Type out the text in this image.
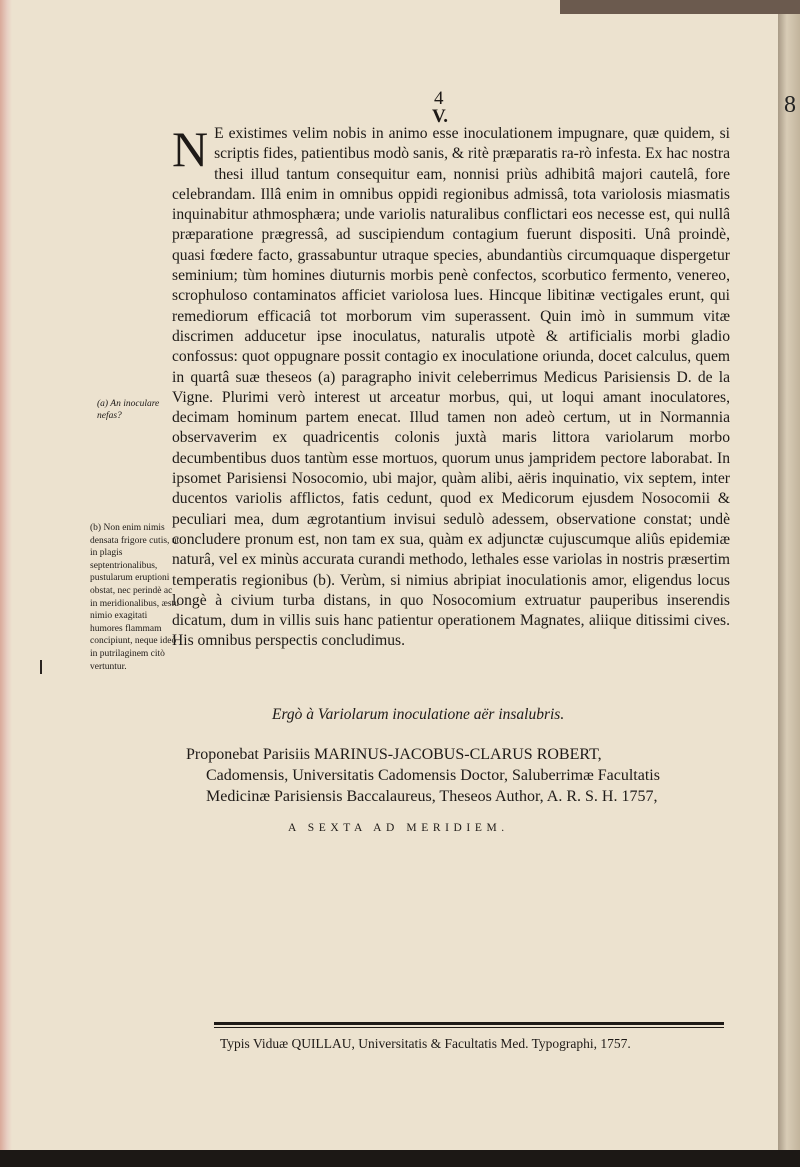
4
V.

N E existimes velim nobis in animo esse inoculationem impugnare, quæ quidem, si scriptis fides, patientibus modò sanis, & ritè præparatis ra-rò infesta. Ex hac nostra thesi illud tantum consequitur eam, nonnisi priùs adhibitâ majori cautelâ, fore celebrandam. Illâ enim in omnibus oppidi regionibus admissâ, tota variolosis miasmatis inquinabitur athmosphæra; unde variolis naturalibus conflictari eos necesse est, qui nullâ præparatione prægressâ, ad suscipiendum contagium fuerunt dispositi. Unâ proindè, quasi fœdere facto, grassabuntur utraque species, abundantiùs circumquaque dispergetur seminium; tùm homines diuturnis morbis penè confectos, scorbutico fermento, venereo, scrophuloso contaminatos afficiet variolosa lues. Hincque libitinæ vectigales erunt, qui remediorum efficaciâ tot morborum vim superassent. Quin imò in summum vitæ discrimen adducetur ipse inoculatus, naturalis utpotè & artificialis morbi gladio confossus: quot oppugnare possit contagio ex inoculatione oriunda, docet calculus, quem in quartâ suæ theseos (a) paragrapho inivit celeberrimus Medicus Parisiensis D. de la Vigne. Plurimi verò interest ut arceatur morbus, qui, ut loqui amant inoculatores, decimam hominum partem enecat. Illud tamen non adeò certum, ut in Normannia observaverim ex quadricentis colonis juxtà maris littora variolarum morbo decumbentibus duos tantùm esse mortuos, quorum unus jampridem pectore laborabat. In ipsomet Parisiensi Nosocomio, ubi major, quàm alibi, aëris inquinatio, vix septem, inter ducentos variolis afflictos, fatis cedunt, quod ex Medicorum ejusdem Nosocomii & peculiari mea, dum ægrotantium invisui sedulò adessem, observatione constat; undè concludere pronum est, non tam ex sua, quàm ex adjunctæ cujuscumque aliûs epidemiæ naturâ, vel ex minùs accurata curandi methodo, lethales esse variolas in nostris præsertim temperatis regionibus (b). Verùm, si nimius abripiat inoculationis amor, eligendus locus longè à civium turba distans, in quo Nosocomium extruatur pauperibus inserendis dicatum, dum in villis suis hanc patientur operationem Magnates, aliique ditissimi cives. His omnibus perspectis concludimus.

(a) An inoculare nefas?
(b) Non enim nimis densata frigore cutis, ut in plagis septentrionalibus, pustularum eruptioni obstat, nec perindè ac in meridionalibus, æstu nimio exagitati humores flammam concipiunt, neque ideò in putrilaginem citò vertuntur.
Ergò à Variolarum inoculatione aër insalubris.
Proponebat Parisiis MARINUS-JACOBUS-CLARUS ROBERT,
Cadomensis, Universitatis Cadomensis Doctor, Saluberrimæ Facultatis
Medicinæ Parisiensis Baccalaureus, Theseos Author, A. R. S. H. 1757,
A SEXTA AD MERIDIEM.
Typis Viduæ QUILLAU, Universitatis & Facultatis Med. Typographi, 1757.
8
